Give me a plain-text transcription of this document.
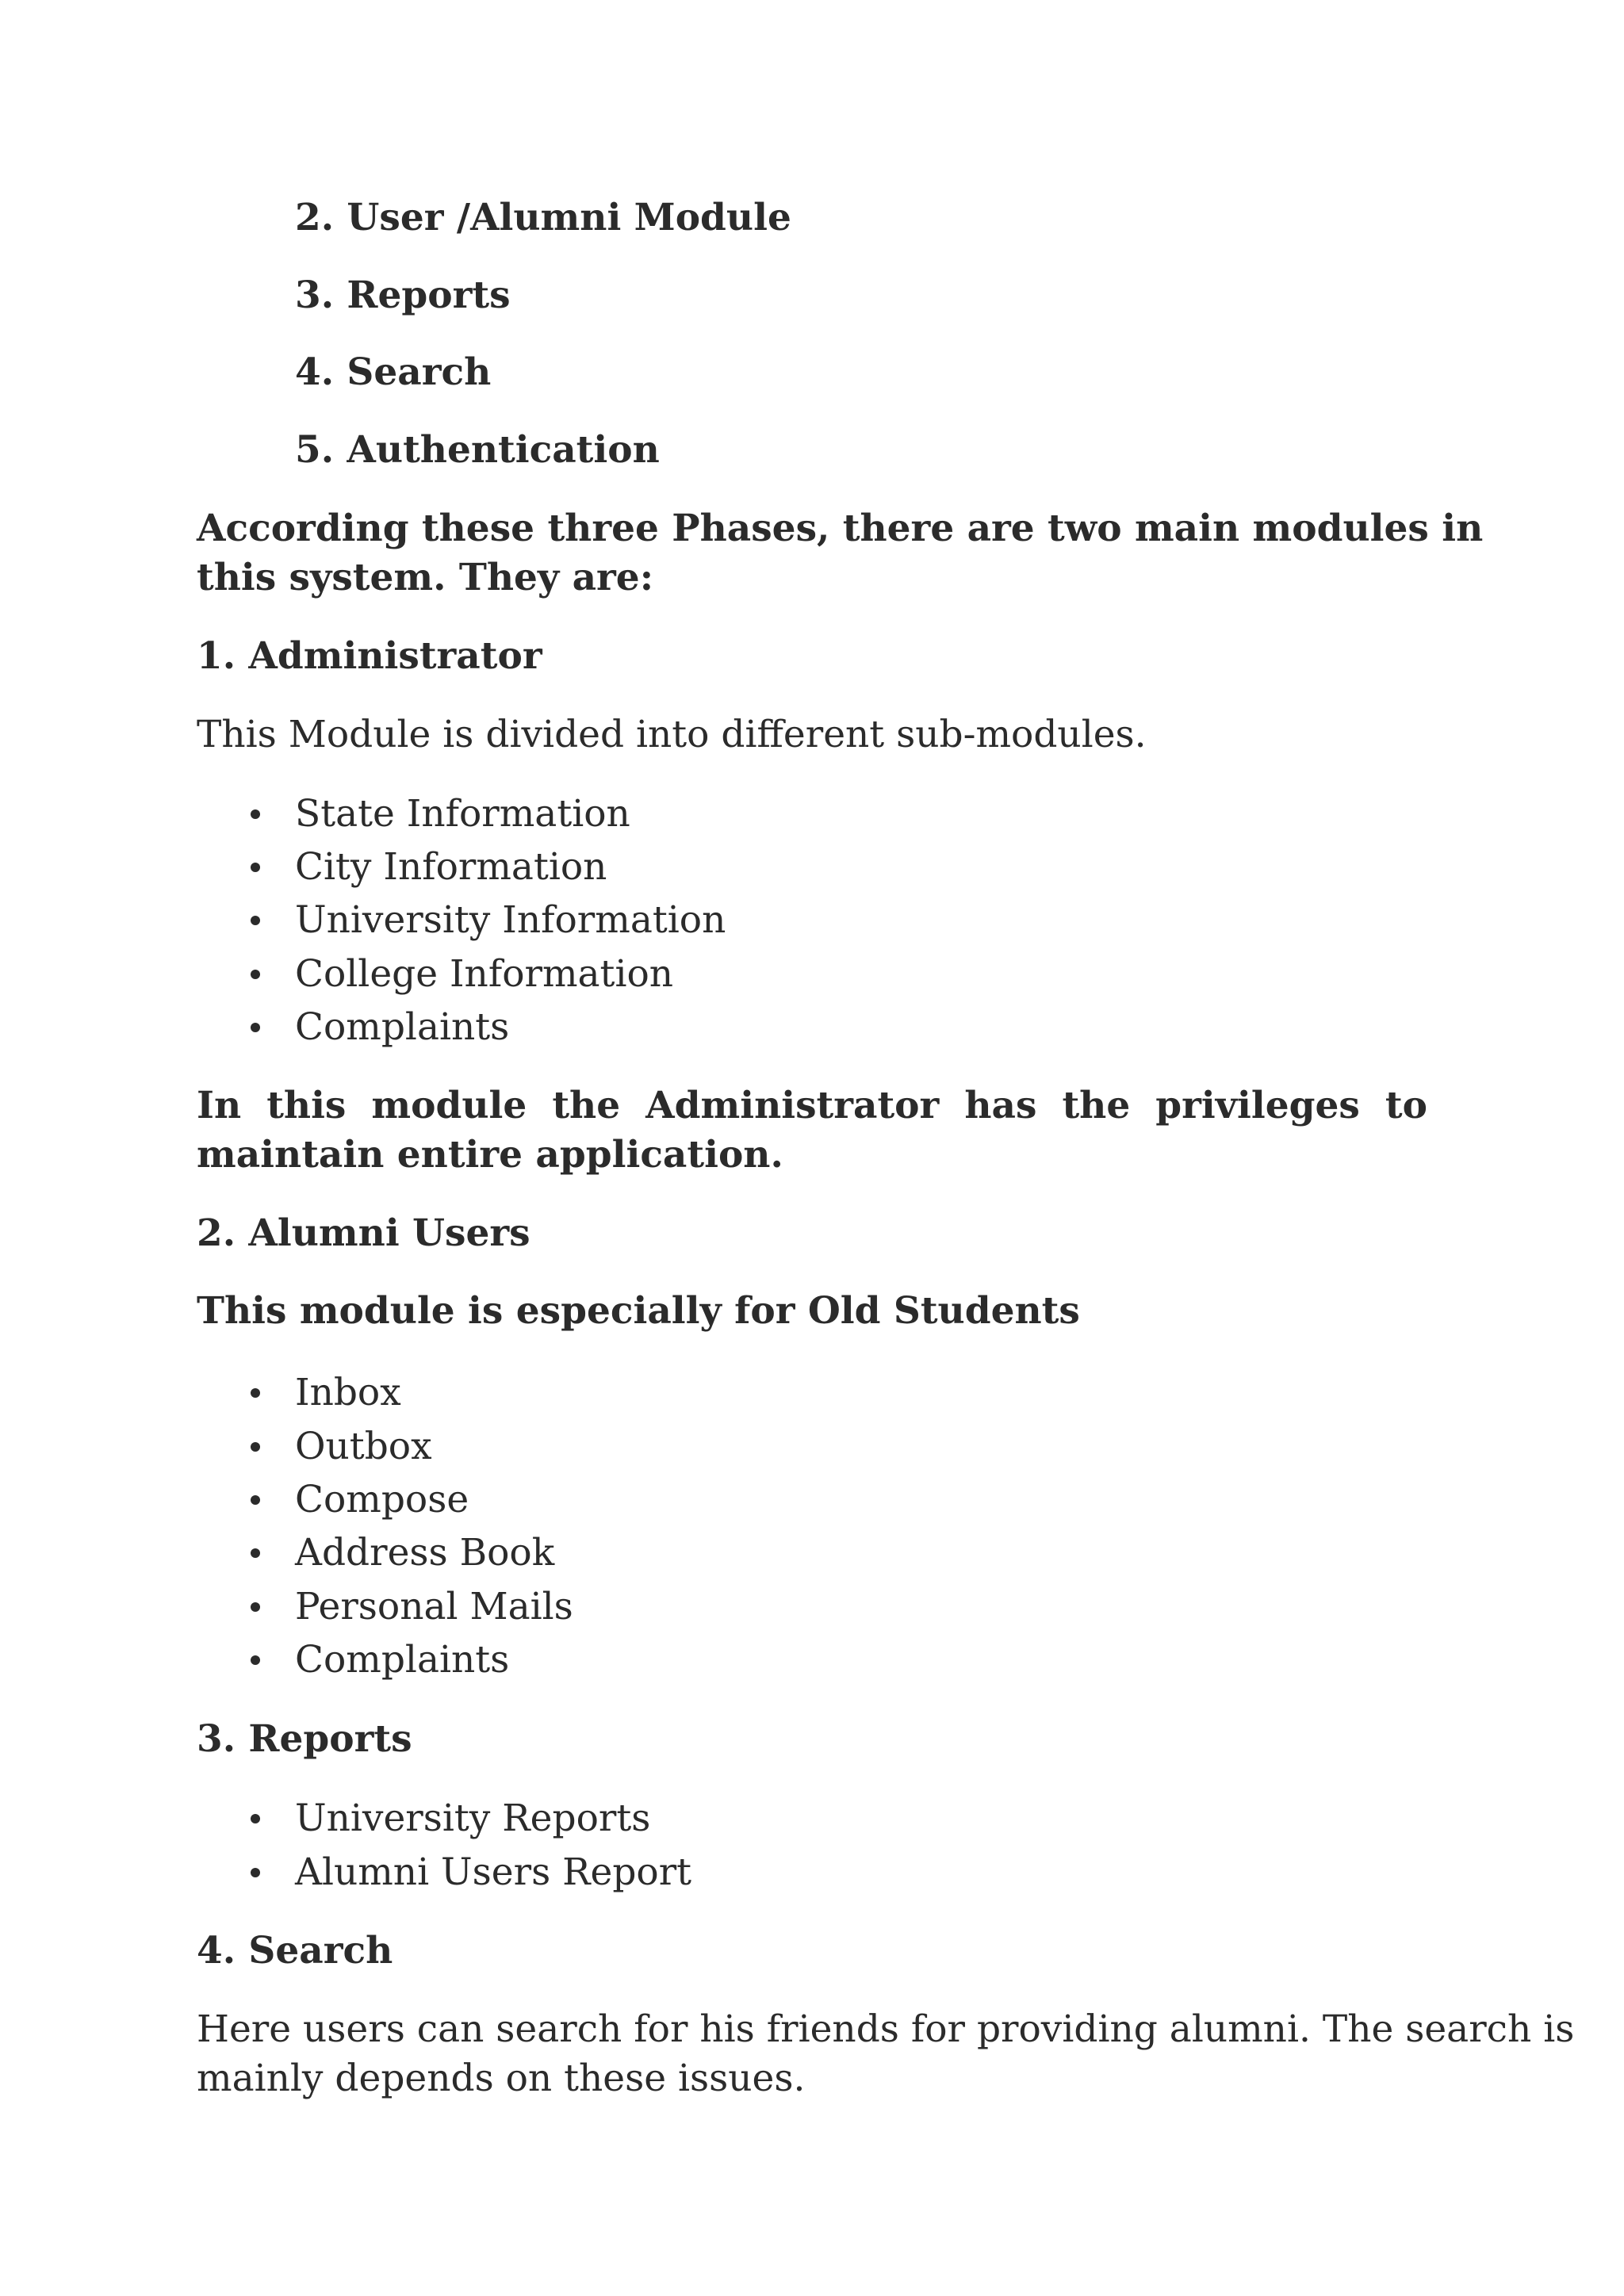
2. User /Alumni Module
3. Reports
4. Search
5. Authentication
According these three Phases, there are two main modules in
this system. They are:
1. Administrator
This Module is divided into different sub-modules.
State Information
City Information
University Information
College Information
Complaints
In this module the Administrator has the privileges to
maintain entire application.
2. Alumni Users
This module is especially for Old Students
Inbox
Outbox
Compose
Address Book
Personal Mails
Complaints
3. Reports
University Reports
Alumni Users Report
4. Search
Here users can search for his friends for providing alumni. The search is
mainly depends on these issues.
